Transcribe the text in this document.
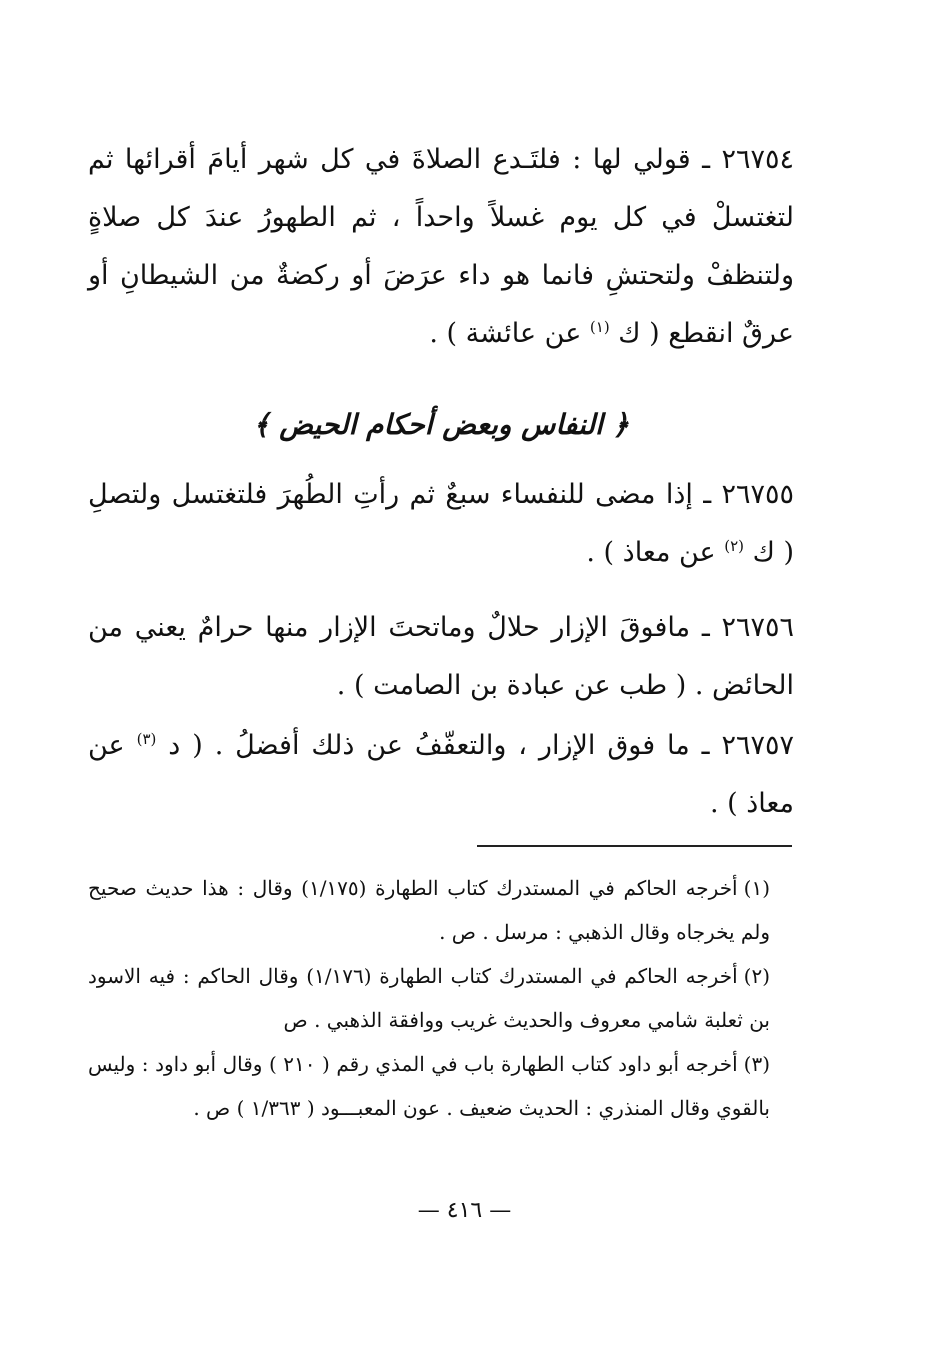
٢٦٧٥٤ ـ قولي لها : فلتَـدع الصلاةَ في كل شهر أيامَ أقرائها ثم لتغتسلْ في كل يوم غسلاً واحداً ، ثم الطهورُ عندَ كل صلاةٍ ولتنظفْ ولتحتشِ فانما هو داء عرَضَ أو ركضةٌ من الشيطانِ أو عرقٌ انقطع ( ك $^{(١)}$ عن عائشة ) .

﴿ النفاس وبعض أحكام الحيض ﴾

٢٦٧٥٥ ـ إذا مضى للنفساء سبعٌ ثم رأتِ الطُهرَ فلتغتسل ولتصلِ ( ك $^{(٢)}$ عن معاذ ) .

٢٦٧٥٦ ـ مافوقَ الإزار حلالٌ وماتحتَ الإزار منها حرامٌ يعني من الحائض . ( طب عن عبادة بن الصامت ) .

٢٦٧٥٧ ـ ما فوق الإزار ، والتعفّفُ عن ذلك أفضلُ . ( د $^{(٣)}$ عن معاذ ) .

(١)أخرجه الحاكم في المستدرك كتاب الطهارة (١/١٧٥) وقال : هذا حديث صحيح ولم يخرجاه وقال الذهبي : مرسل . ص .

(٢)أخرجه الحاكم في المستدرك كتاب الطهارة (١/١٧٦) وقال الحاكم : فيه الاسود بن ثعلبة شامي معروف والحديث غريب ووافقة الذهبي . ص

(٣)أخرجه أبو داود كتاب الطهارة باب في المذي رقم ( ٢١٠ ) وقال أبو داود : وليس بالقوي وقال المنذري : الحديث ضعيف . عون المعبـــود ( ١/٣٦٣ ) ص .

— ٤١٦ —
